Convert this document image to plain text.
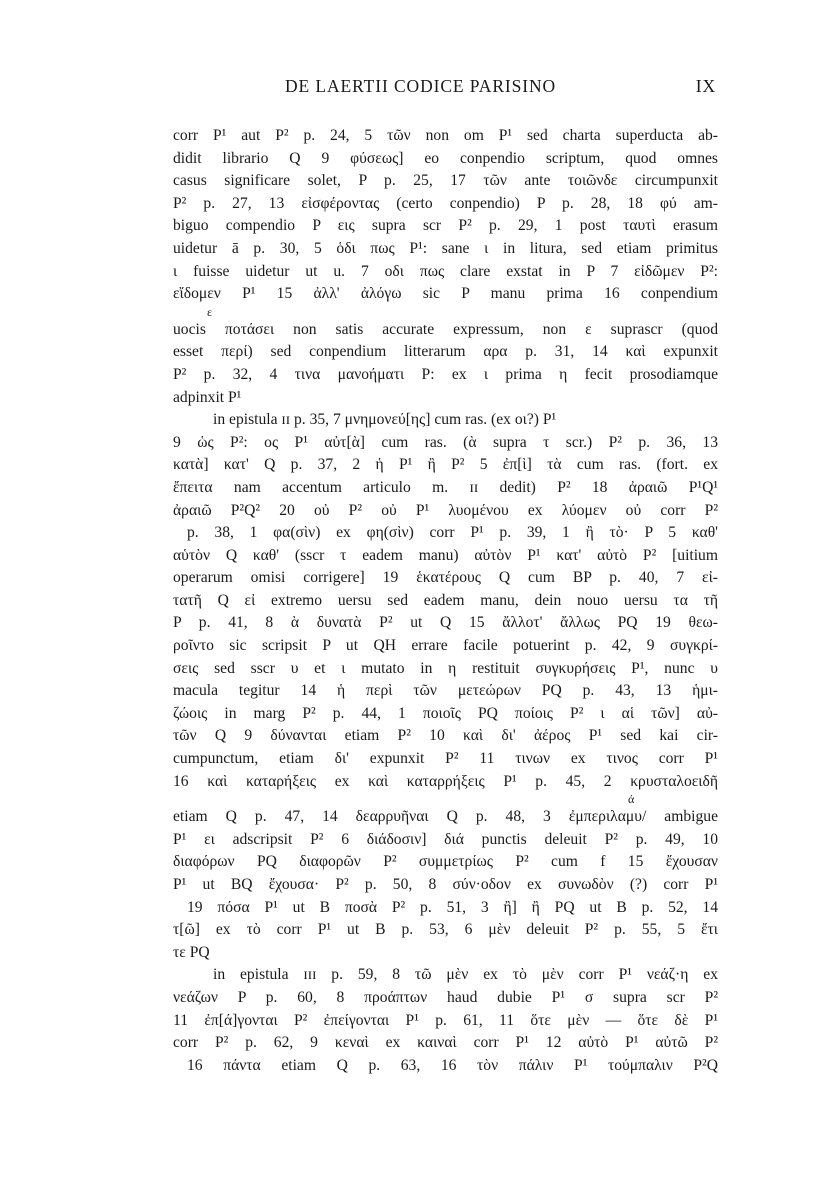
DE LAERTII CODICE PARISINO	IX
corr P¹ aut P² p. 24, 5 τῶν non om P¹ sed charta superducta ab-
didit librario Q 9 φύσεως] eo conpendio scriptum, quod omnes
casus significare solet, P p. 25, 17 τῶν ante τοιῶνδε circumpunxit
P² p. 27, 13 εἰσφέροντας (certo conpendio) P p. 28, 18 φύ am-
biguo compendio P εις supra scr P² p. 29, 1 post ταυτὶ erasum
uidetur ā p. 30, 5 ὁδι πως P¹: sane ι in litura, sed etiam primitus
ι fuisse uidetur ut u. 7 οδι πως clare exstat in P 7 εἰδῶμεν P²:
εἴδομεν P¹ 15 ἀλλ' ἀλόγω sic P manu prima 16 conpendium
ε
uocis ποτάσει non satis accurate expressum, non ε suprascr (quod
esset περί) sed conpendium litterarum αρα p. 31, 14 καὶ expunxit
P² p. 32, 4 τινα μανοήματι P: ex ι prima η fecit prosodiamque
adpinxit P¹
in epistula ɪɪ p. 35, 7 μνημονεύ[ης] cum ras. (ex οι?) P¹
9 ὡς P²: ος P¹ αὐτ[ὰ] cum ras. (ὰ supra τ scr.) P² p. 36, 13
κατὰ] κατ' Q p. 37, 2 ἡ P¹ ἢ P² 5 ἐπ[ὶ] τὰ cum ras. (fort. ex
ἔπειτα nam accentum articulo m. ɪɪ dedit) P² 18 ἀραιῶ P¹Q¹
ἀραιῶ P²Q² 20 οὐ P² οὐ P¹ λυομένου ex λύομεν οὐ corr P²
p. 38, 1 φα(σὶν) ex φη(σὶν) corr P¹ p. 39, 1 ἢ τὸ· P 5 καθ'
αὑτὸν Q καθ' (sscr τ eadem manu) αὐτὸν P¹ κατ' αὐτὸ P² [uitium
operarum omisi corrigere] 19 ἑκατέρους Q cum BP p. 40, 7 εἰ-
τατῆ Q εἰ extremo uersu sed eadem manu, dein nouo uersu τα τῆ
P p. 41, 8 ὰ δυνατὰ P² ut Q 15 ἄλλοτ' ἄλλως PQ 19 θεω-
ροῖντο sic scripsit P ut QH errare facile potuerint p. 42, 9 συγκρί-
σεις sed sscr υ et ι mutato in η restituit συγκυρήσεις P¹, nunc υ
macula tegitur 14 ἡ περὶ τῶν μετεώρων PQ p. 43, 13 ἡμι-
ζώοις in marg P² p. 44, 1 ποιοῖς PQ ποίοις P² ι αἱ τῶν] αὐ-
τῶν Q 9 δύνανται etiam P² 10 καὶ δι' ἀέρος P¹ sed kai cir-
cumpunctum, etiam δι' expunxit P² 11 τινων ex τινος corr P¹
16 καὶ καταρήξεις ex καὶ καταρρήξεις P¹ p. 45, 2 κρυσταλοειδῆ
ά
etiam Q p. 47, 14 δεαρρυῆναι Q p. 48, 3 ἐμπεριλαμυ/ ambigue
P¹ ει adscripsit P² 6 διάδοσιν] διά punctis deleuit P² p. 49, 10
διαφόρων PQ διαφορῶν P² συμμετρίως P² cum f 15 ἔχουσαν
P¹ ut BQ ἔχουσα· P² p. 50, 8 σύν·οδον ex συνωδὸν (?) corr P¹
19 πόσα P¹ ut B ποσὰ P² p. 51, 3 ἢ] ἢ PQ ut B p. 52, 14
τ[ῶ] ex τὸ corr P¹ ut B p. 53, 6 μὲν deleuit P² p. 55, 5 ἔτι
τε PQ
in epistula ɪɪɪ p. 59, 8 τῶ μὲν ex τὸ μὲν corr P¹ νεάζ·η ex
νεάζων P p. 60, 8 προάπτων haud dubie P¹ σ supra scr P²
11 ἐπ[ά]γονται P² ἐπείγονται P¹ p. 61, 11 ὅτε μὲν — ὅτε δὲ P¹
corr P² p. 62, 9 κεναὶ ex καιναὶ corr P¹ 12 αὐτὸ P¹ αὐτῶ P²
16 πάντα etiam Q p. 63, 16 τὸν πάλιν P¹ τούμπαλιν P²Q
